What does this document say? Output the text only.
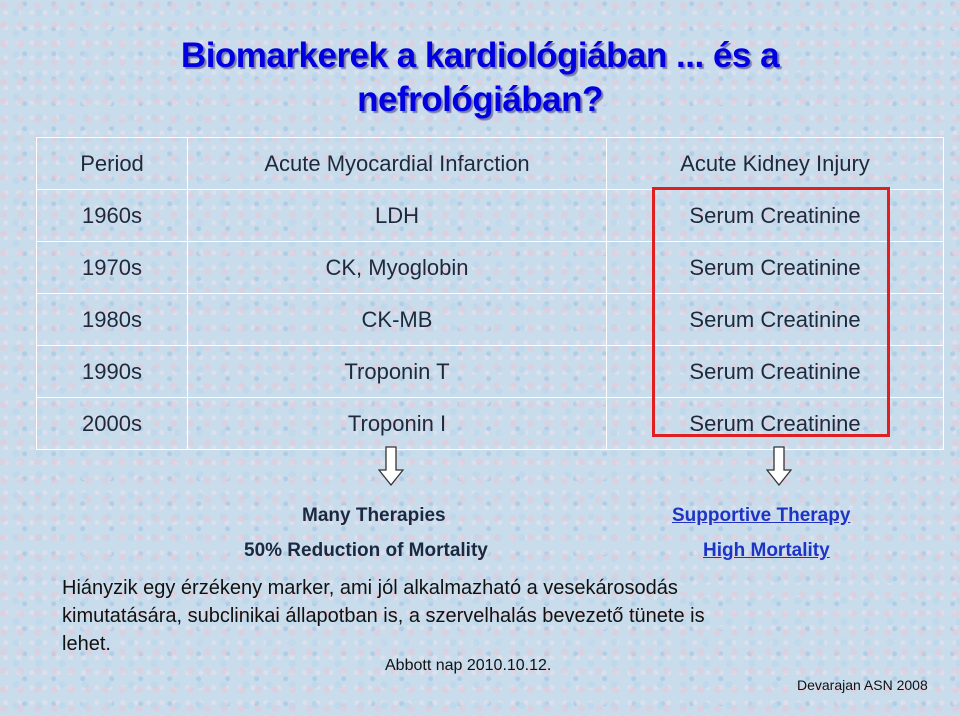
Biomarkerek a kardiológiában ... és a
nefrológiában?
Period	Acute Myocardial Infarction	Acute Kidney Injury
1960s	LDH	Serum Creatinine
1970s	CK, Myoglobin	Serum Creatinine
1980s	CK-MB	Serum Creatinine
1990s	Troponin T	Serum Creatinine
2000s	Troponin I	Serum Creatinine
Many Therapies
50% Reduction of Mortality
Supportive Therapy
High Mortality
Hiányzik egy érzékeny marker, ami jól alkalmazható a vesekárosodás
kimutatására, subclinikai állapotban is, a szervelhalás bevezető tünete is
lehet.
Abbott nap 2010.10.12.
Devarajan ASN 2008
